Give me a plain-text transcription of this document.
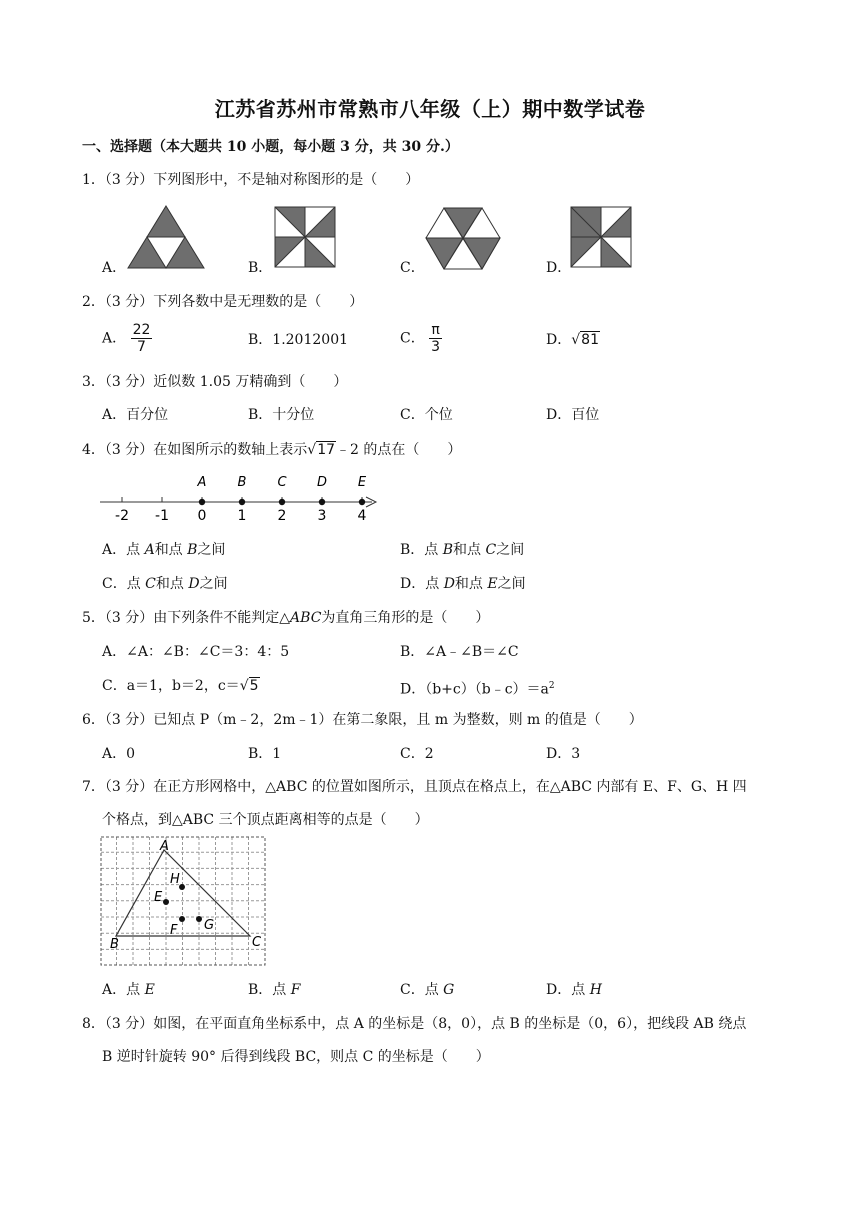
江苏省苏州市常熟市八年级（上）期中数学试卷
一、选择题（本大题共 10 小题，每小题 3 分，共 30 分.）
1．（3 分）下列图形中，不是轴对称图形的是（　　）
A．	B．	C．	D．
2．（3 分）下列各数中是无理数的是（　　）
A． $\frac{22}{7}$	B．1.2012001	C． $\frac{\pi}{3}$	D．√81
3．（3 分）近似数 1.05 万精确到（　　）
A．百分位	B．十分位	C．个位	D．百位
4．（3 分）在如图所示的数轴上表示√17﹣2 的点在（　　）
-2 -1 0 1 2 3 4
A B C D E
A．点 A和点 B之间	B．点 B和点 C之间
C．点 C和点 D之间	D．点 D和点 E之间
5．（3 分）由下列条件不能判定△ABC为直角三角形的是（　　）
A．∠A：∠B：∠C＝3：4：5	B．∠A﹣∠B＝∠C
C．a＝1，b＝2，c＝√5	D．$(b+c)(b﹣c)=a^2$
6．（3 分）已知点 P（m﹣2，2m﹣1）在第二象限，且 m 为整数，则 m 的值是（　　）
A．0	B．1	C．2	D．3
7．（3 分）在正方形网格中，△ABC 的位置如图所示，且顶点在格点上，在△ABC 内部有 E、F、G、H 四
个格点，到△ABC 三个顶点距离相等的点是（　　）
A
B	C
E
F G
H
A．点 E	B．点 F	C．点 G	D．点 H
8．（3 分）如图，在平面直角坐标系中，点 A 的坐标是（8，0），点 B 的坐标是（0，6），把线段 AB 绕点
B 逆时针旋转 90° 后得到线段 BC，则点 C 的坐标是（　　）
